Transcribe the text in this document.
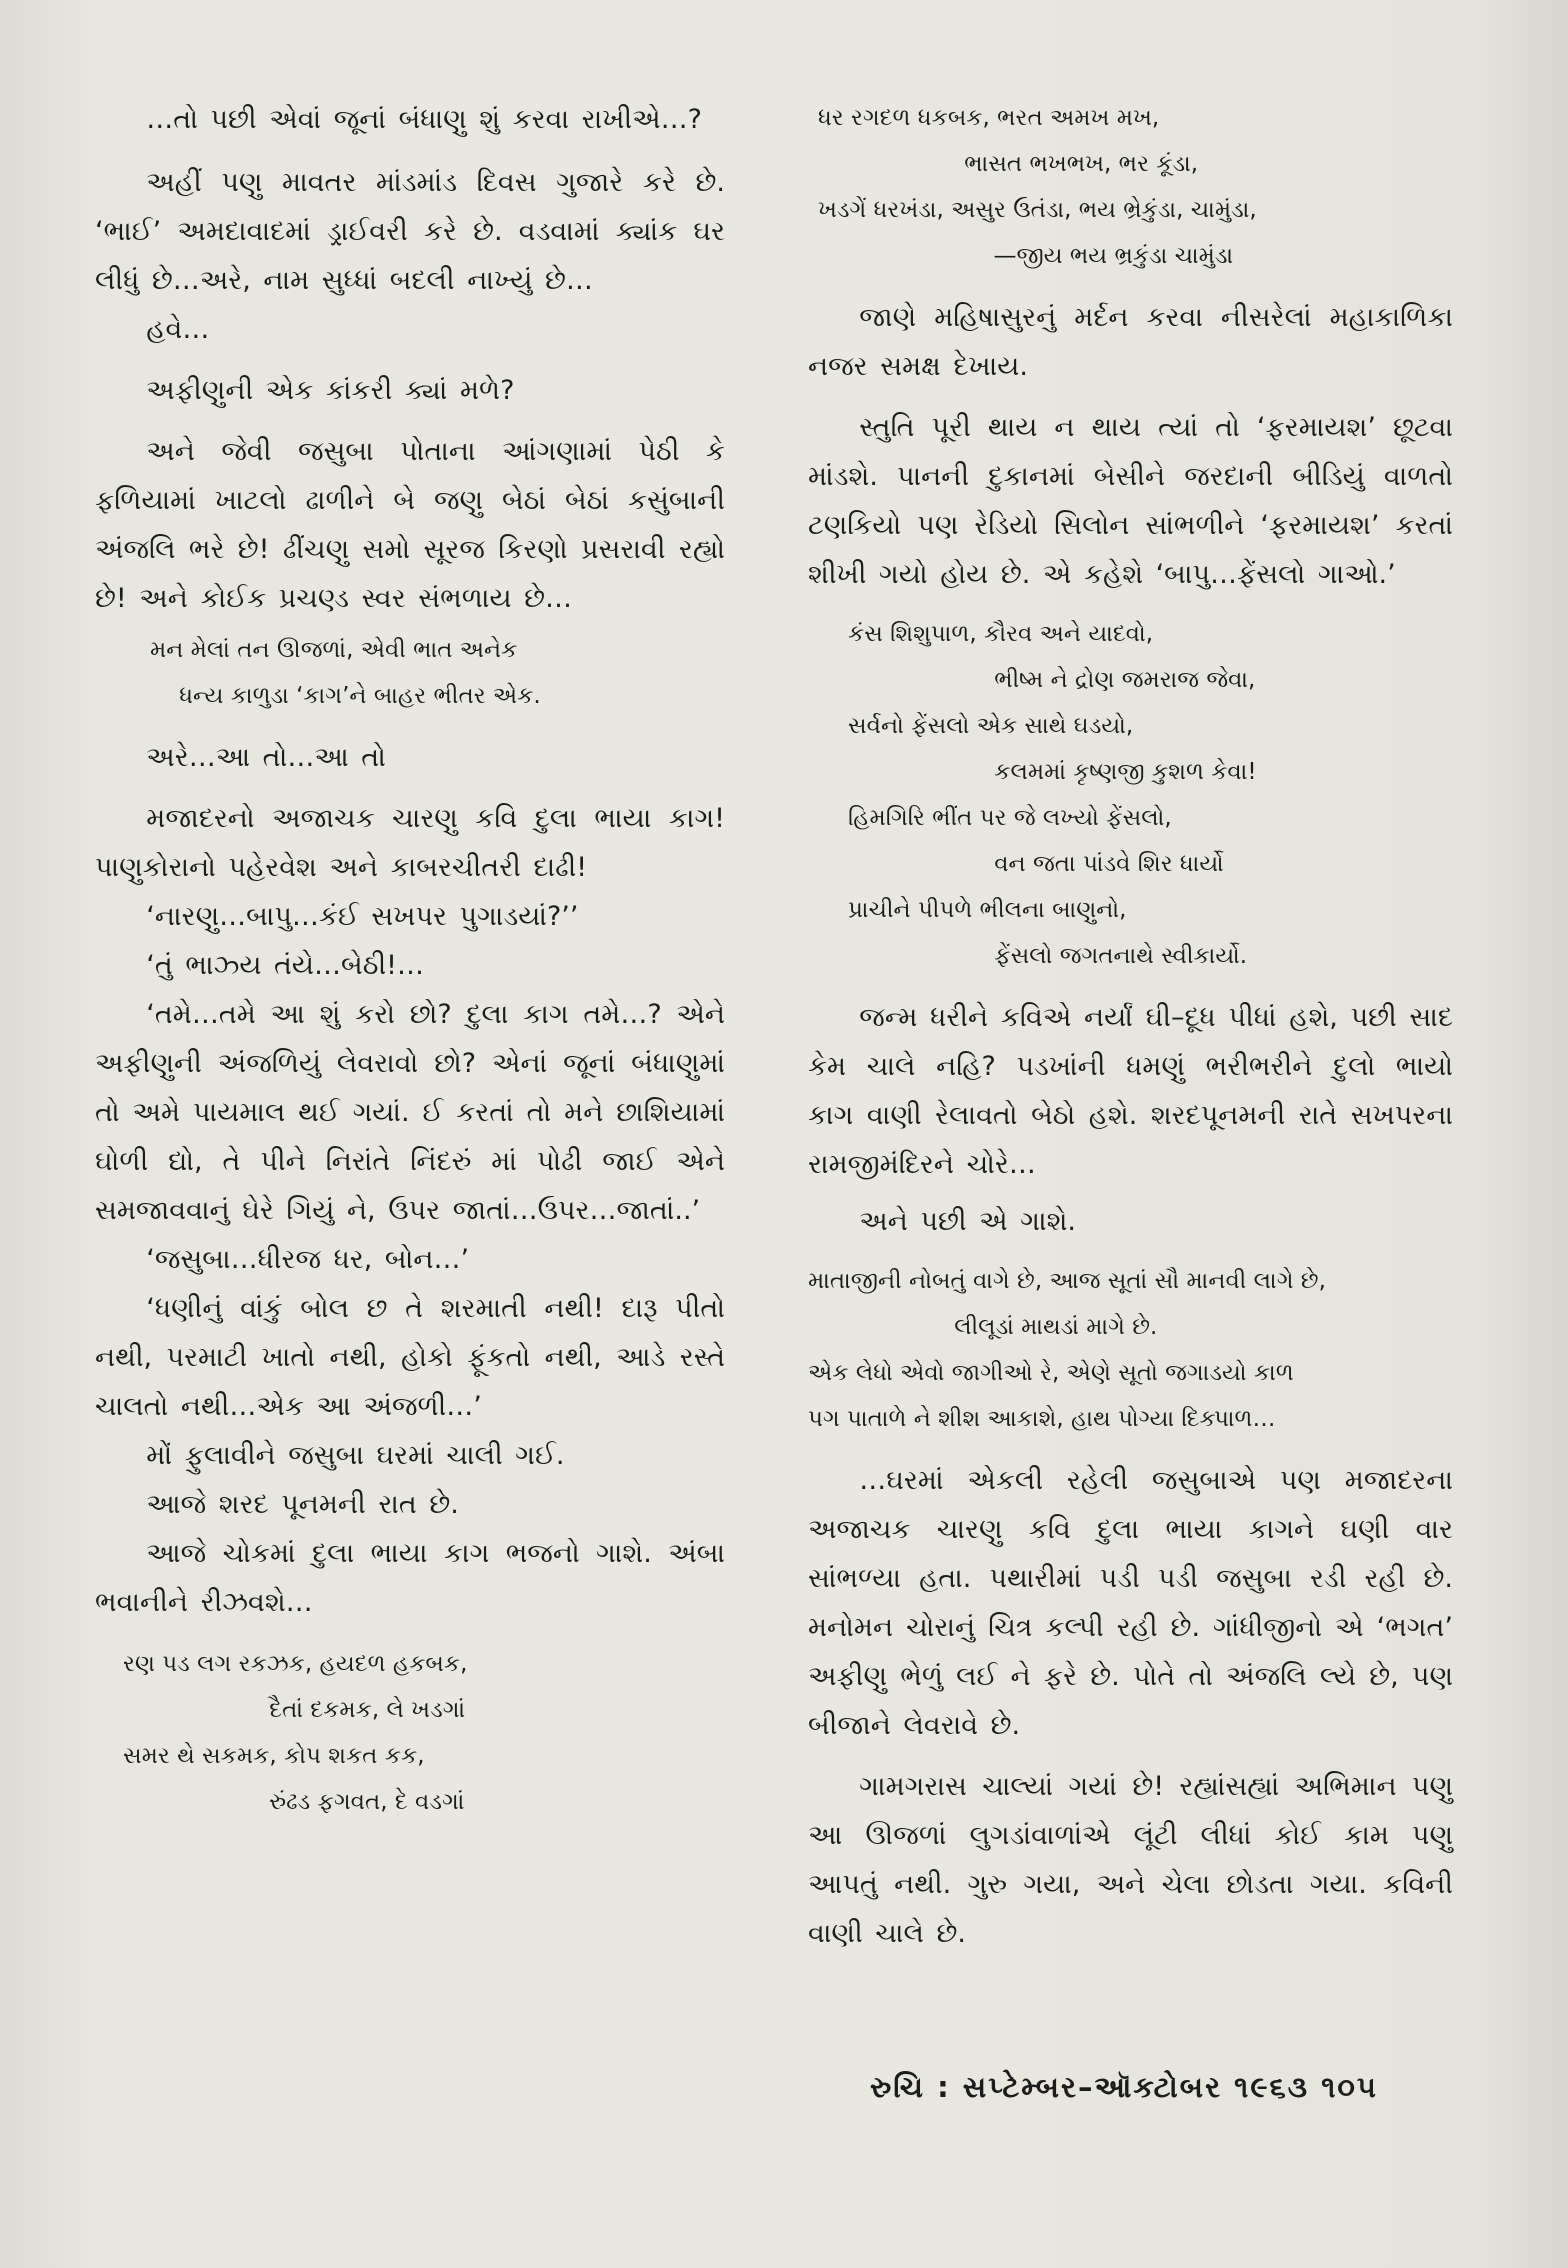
…તો પછી એવાં જૂનાં બંધાણુ શું કરવા રાખીએ…?

અહીં પણુ માવતર માંડમાંડ દિવસ ગુજારે કરે છે. ‘ભાઈ’ અમદાવાદમાં ડ્રાઈવરી કરે છે. વડવામાં ક્યાંક ઘર લીધું છે…અરે, નામ સુધ્ધાં બદલી નાખ્યું છે…

હવે…

અફીણુની એક કાંકરી ક્યાં મળે?

અને જેવી જસુબા પોતાના આંગણામાં પેઠી કે ફળિયામાં ખાટલો ઢાળીને બે જણુ બેઠાં બેઠાં કસુંબાની અંજલિ ભરે છે! ઢીંચણુ સમો સૂરજ કિરણો પ્રસરાવી રહ્યો છે! અને કોઈક પ્રચણ્ડ સ્વર સંભળાય છે…

મન મેલાં તન ઊજળાં, એવી ભાત અનેક
ધન્ય કાળુડા ‘કાગ’ને બાહર ભીતર એક.

અરે…આ તો…આ તો

મજાદરનો અજાચક ચારણુ કવિ દુલા ભાયા કાગ! પાણુકોરાનો પહેરવેશ અને કાબરચીતરી દાઢી!

‘નારણુ…બાપુ…કંઈ સખપર પુગાડયાં?’’

‘તું ભાઝ્ય તંયે…બેઠી!…

‘તમે…તમે આ શું કરો છો? દુલા કાગ તમે…? એને અફીણુની અંજળિયું લેવરાવો છો? એનાં જૂનાં બંધાણુમાં તો અમે પાયમાલ થઈ ગયાં. ઈ કરતાં તો મને છાશિયામાં ઘોળી દ્યો, તે પીને નિરાંતે નિંદરું માં પોઢી જાઈ એને સમજાવવાનું ઘેરે ગિયું ને, ઉપર જાતાં…ઉપર…જાતાં..’

‘જસુબા…ધીરજ ધર, બોન…’

‘ધણીનું વાંકું બોલ છ તે શરમાતી નથી! દારૂ પીતો નથી, પરમાટી ખાતો નથી, હોકો ફૂંકતો નથી, આડે રસ્તે ચાલતો નથી…એક આ અંજળી…’

મોં ફુલાવીને જસુબા ઘરમાં ચાલી ગઈ.

આજે શરદ પૂનમની રાત છે.

આજે ચોકમાં દુલા ભાયા કાગ ભજનો ગાશે. અંબા ભવાનીને રીઝવશે…

રણ પડ લગ રકઝક, હયદળ હકબક,
દૈતાં દકમક, લે ખડગાં
સમર થે સકમક, કોપ શકત કક,
રુંઢડ ફગવત, દે વડગાં
ધર રગદળ ધકબક, ભરત અમખ મખ,
ભાસત ભખભખ, ભર કૂંડા,
ખડગેં ધરખંડા, અસુર ઉતંડા, ભય ભ્રેકુંડા, ચામુંડા,
—જીય ભય ભ્રકુંડા ચામુંડા

જાણે મહિષાસુરનું મર્દન કરવા નીસરેલાં મહાકાળિકા નજર સમક્ષ દેખાય.

સ્તુતિ પૂરી થાય ન થાય ત્યાં તો ‘ફરમાયશ’ છૂટવા માંડશે. પાનની દુકાનમાં બેસીને જરદાની બીડિયું વાળતો ટણકિયો પણ રેડિયો સિલોન સાંભળીને ‘ફરમાયશ’ કરતાં શીખી ગયો હોય છે. એ કહેશે ‘બાપુ…ફેંસલો ગાઓ.’

કંસ શિશુપાળ, કૌરવ અને યાદવો,
ભીષ્મ ને દ્રોણ જમરાજ જેવા,
સર્વનો ફેંસલો એક સાથે ઘડયો,
કલમમાં કૃષ્ણજી કુશળ કેવા!
હિમગિરિ ભીંત પર જે લખ્યો ફેંસલો,
વન જતા પાંડવે શિર ધાર્યો
પ્રાચીને પીપળે ભીલના બાણુનો,
ફેંસલો જગતનાથે સ્વીકાર્યો.

જન્મ ધરીને કવિએ નર્યાં ઘી–દૂધ પીધાં હશે, પછી સાદ કેમ ચાલે નહિ? પડખાંની ધમણું ભરીભરીને દુલો ભાયો કાગ વાણી રેલાવતો બેઠો હશે. શરદપૂનમની રાતે સખપરના રામજીમંદિરને ચોરે…

અને પછી એ ગાશે.

માતાજીની નોબતું વાગે છે, આજ સૂતાં સૌ માનવી લાગે છે,
લીલૂડાં માથડાં માગે છે.
એક લેધો એવો જાગીઓ રે, એણે સૂતો જગાડયો કાળ
પગ પાતાળે ને શીશ આકાશે, હાથ પોગ્યા દિક્પાળ…

…ઘરમાં એકલી રહેલી જસુબાએ પણ મજાદરના અજાચક ચારણુ કવિ દુલા ભાયા કાગને ઘણી વાર સાંભળ્યા હતા. પથારીમાં પડી પડી જસુબા રડી રહી છે. મનોમન ચોરાનું ચિત્ર કલ્પી રહી છે. ગાંધીજીનો એ ‘ભગત’ અફીણુ ભેળું લઈ ને ફરે છે. પોતે તો અંજલિ લ્યે છે, પણ બીજાને લેવરાવે છે.

ગામગરાસ ચાલ્યાં ગયાં છે! રહ્યાંસહ્યાં અભિમાન પણુ આ ઊજળાં લુગડાંવાળાંએ લૂંટી લીધાં કોઈ કામ પણુ આપતું નથી. ગુરુ ગયા, અને ચેલા છોડતા ગયા. કવિની વાણી ચાલે છે.

રુચિ : સપ્ટેમ્બર–ઑક્ટોબર ૧૯૬૩ ૧૦૫
